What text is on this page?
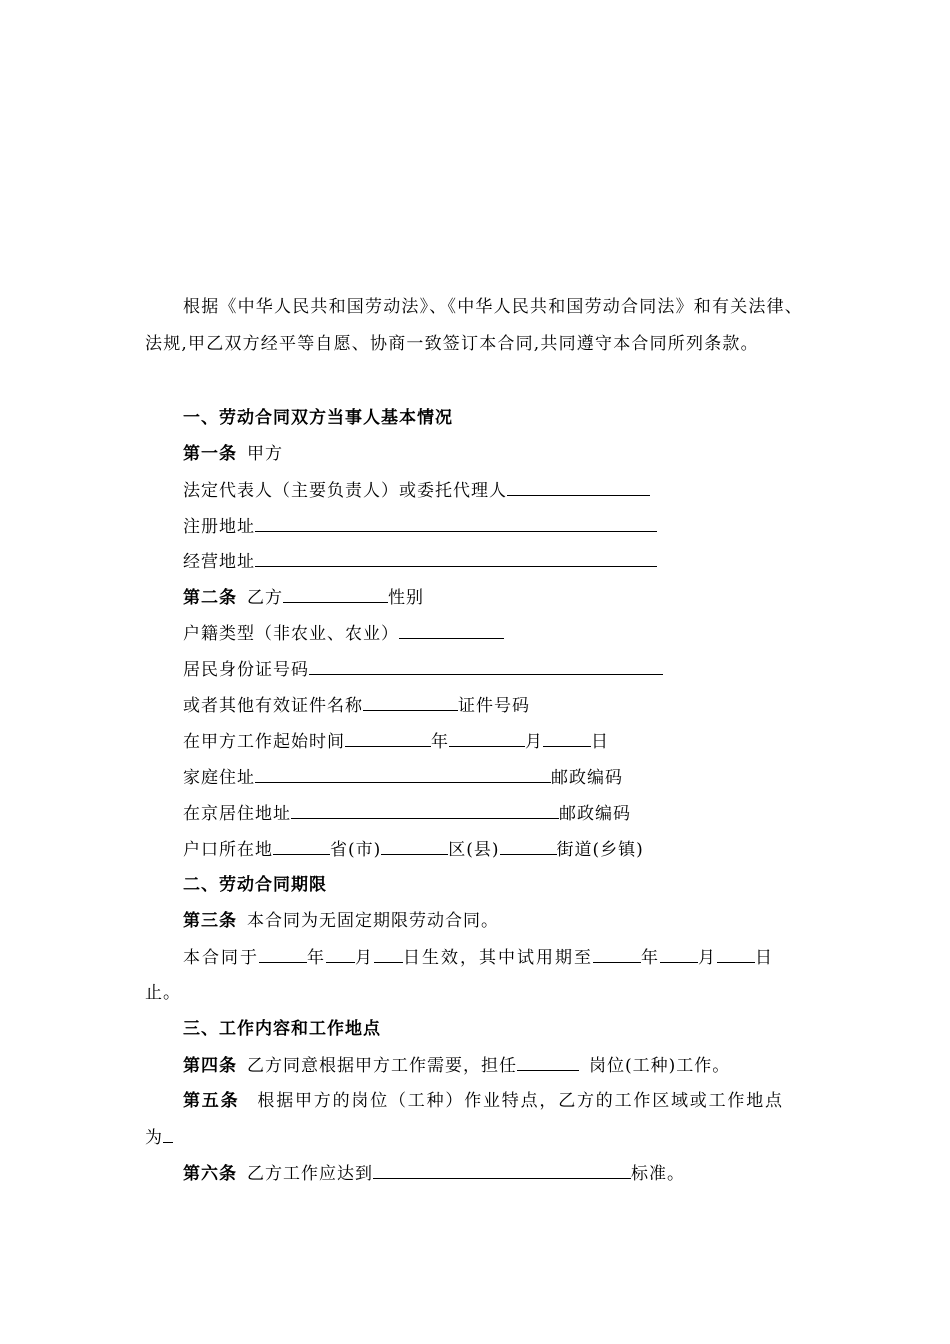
根据《中华人民共和国劳动法》、《中华人民共和国劳动合同法》和有关法律、法规,甲乙双方经平等自愿、协商一致签订本合同,共同遵守本合同所列条款。
一、劳动合同双方当事人基本情况
第一条 甲方
法定代表人（主要负责人）或委托代理人
注册地址
经营地址
第二条 乙方	性别
户籍类型（非农业、农业）
居民身份证号码
或者其他有效证件名称	证件号码
在甲方工作起始时间	年	月	日
家庭住址	邮政编码
在京居住地址	邮政编码
户口所在地	省(市)	区(县)	街道(乡镇)
二、劳动合同期限
第三条 本合同为无固定期限劳动合同。
本合同于	年 月 日生效，其中试用期至	年 月 日
止。
三、工作内容和工作地点
第四条 乙方同意根据甲方工作需要，担任	岗位(工种)工作。
第五条 根据甲方的岗位（工种）作业特点，乙方的工作区域或工作地点
为
第六条 乙方工作应达到	标准。
